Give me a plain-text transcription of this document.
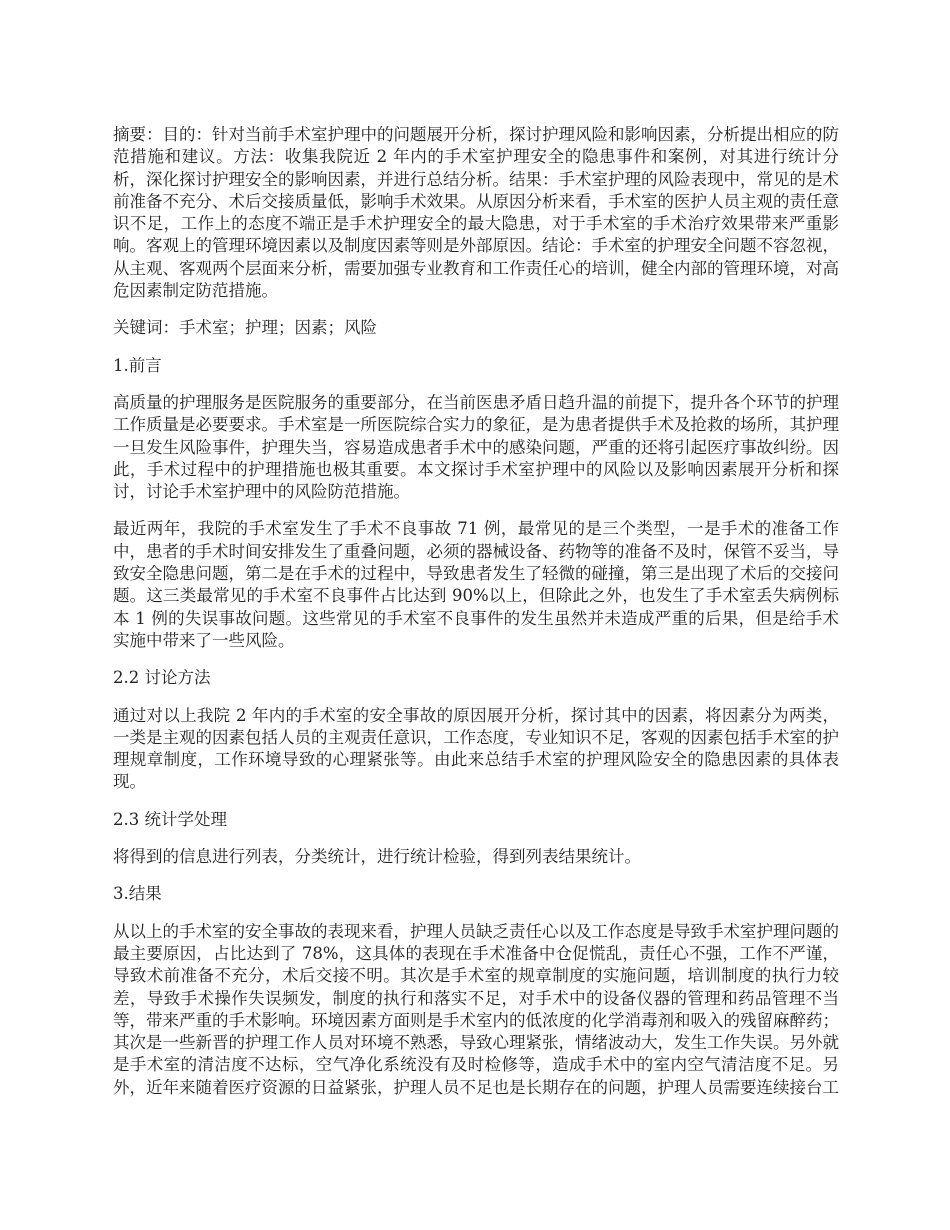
摘要：目的：针对当前手术室护理中的问题展开分析，探讨护理风险和影响因素，分析提出相应的防范措施和建议。方法：收集我院近 2 年内的手术室护理安全的隐患事件和案例，对其进行统计分析，深化探讨护理安全的影响因素，并进行总结分析。结果：手术室护理的风险表现中，常见的是术前准备不充分、术后交接质量低，影响手术效果。从原因分析来看，手术室的医护人员主观的责任意识不足，工作上的态度不端正是手术护理安全的最大隐患，对于手术室的手术治疗效果带来严重影响。客观上的管理环境因素以及制度因素等则是外部原因。结论：手术室的护理安全问题不容忽视，从主观、客观两个层面来分析，需要加强专业教育和工作责任心的培训，健全内部的管理环境，对高危因素制定防范措施。

关键词：手术室；护理；因素；风险

1.前言

高质量的护理服务是医院服务的重要部分，在当前医患矛盾日趋升温的前提下，提升各个环节的护理工作质量是必要要求。手术室是一所医院综合实力的象征，是为患者提供手术及抢救的场所，其护理一旦发生风险事件，护理失当，容易造成患者手术中的感染问题，严重的还将引起医疗事故纠纷。因此，手术过程中的护理措施也极其重要。本文探讨手术室护理中的风险以及影响因素展开分析和探讨，讨论手术室护理中的风险防范措施。

最近两年，我院的手术室发生了手术不良事故 71 例，最常见的是三个类型，一是手术的准备工作中，患者的手术时间安排发生了重叠问题，必须的器械设备、药物等的准备不及时，保管不妥当，导致安全隐患问题，第二是在手术的过程中，导致患者发生了轻微的碰撞，第三是出现了术后的交接问题。这三类最常见的手术室不良事件占比达到 90%以上，但除此之外，也发生了手术室丢失病例标本 1 例的失误事故问题。这些常见的手术室不良事件的发生虽然并未造成严重的后果，但是给手术实施中带来了一些风险。

2.2 讨论方法

通过对以上我院 2 年内的手术室的安全事故的原因展开分析，探讨其中的因素，将因素分为两类，一类是主观的因素包括人员的主观责任意识，工作态度，专业知识不足，客观的因素包括手术室的护理规章制度，工作环境导致的心理紧张等。由此来总结手术室的护理风险安全的隐患因素的具体表现。

2.3 统计学处理

将得到的信息进行列表，分类统计，进行统计检验，得到列表结果统计。

3.结果

从以上的手术室的安全事故的表现来看，护理人员缺乏责任心以及工作态度是导致手术室护理问题的最主要原因，占比达到了 78%，这具体的表现在手术准备中仓促慌乱，责任心不强，工作不严谨，导致术前准备不充分，术后交接不明。其次是手术室的规章制度的实施问题，培训制度的执行力较差，导致手术操作失误频发，制度的执行和落实不足，对手术中的设备仪器的管理和药品管理不当等，带来严重的手术影响。环境因素方面则是手术室内的低浓度的化学消毒剂和吸入的残留麻醉药；其次是一些新晋的护理工作人员对环境不熟悉，导致心理紧张，情绪波动大，发生工作失误。另外就是手术室的清洁度不达标，空气净化系统没有及时检修等，造成手术中的室内空气清洁度不足。另外，近年来随着医疗资源的日益紧张，护理人员不足也是长期存在的问题，护理人员需要连续接台工
